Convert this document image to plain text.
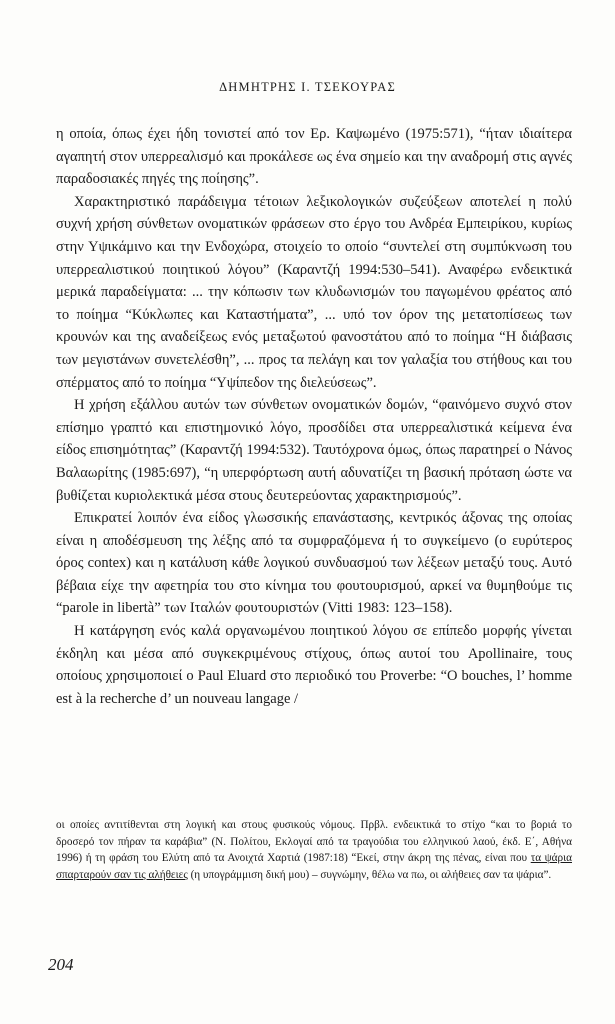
ΔΗΜΗΤΡΗΣ Ι. ΤΣΕΚΟΥΡΑΣ

η οποία, όπως έχει ήδη τονιστεί από τον Ερ. Καψωμένο (1975:571), “ήταν ιδιαίτερα αγαπητή στον υπερρεαλισμό και προκάλεσε ως ένα σημείο και την αναδρομή στις αγνές παραδοσιακές πηγές της ποίησης”.

Χαρακτηριστικό παράδειγμα τέτοιων λεξικολογικών συζεύξεων αποτελεί η πολύ συχνή χρήση σύνθετων ονοματικών φράσεων στο έργο του Ανδρέα Εμπειρίκου, κυρίως στην Υψικάμινο και την Ενδοχώρα, στοιχείο το οποίο “συντελεί στη συμπύκνωση του υπερρεαλιστικού ποιητικού λόγου” (Καραντζή 1994:530–541). Αναφέρω ενδεικτικά μερικά παραδείγματα: ... την κόπωσιν των κλυδωνισμών του παγωμένου φρέατος από το ποίημα “Κύκλωπες και Καταστήματα”, ... υπό τον όρον της μετατοπίσεως των κρουνών και της αναδείξεως ενός μεταξωτού φανοστάτου από το ποίημα “Η διάβασις των μεγιστάνων συνετελέσθη”, ... προς τα πελάγη και τον γαλαξία του στήθους και του σπέρματος από το ποίημα “Υψίπεδον της διελεύσεως”.

Η χρήση εξάλλου αυτών των σύνθετων ονοματικών δομών, “φαινόμενο συχνό στον επίσημο γραπτό και επιστημονικό λόγο, προσδίδει στα υπερρεαλιστικά κείμενα ένα είδος επισημότητας” (Καραντζή 1994:532). Ταυτόχρονα όμως, όπως παρατηρεί ο Νάνος Βαλαωρίτης (1985:697), “η υπερφόρτωση αυτή αδυνατίζει τη βασική πρόταση ώστε να βυθίζεται κυριολεκτικά μέσα στους δευτερεύοντας χαρακτηρισμούς”.

Επικρατεί λοιπόν ένα είδος γλωσσικής επανάστασης, κεντρικός άξονας της οποίας είναι η αποδέσμευση της λέξης από τα συμφραζόμενα ή το συγκείμενο (ο ευρύτερος όρος contex) και η κατάλυση κάθε λογικού συνδυασμού των λέξεων μεταξύ τους. Αυτό βέβαια είχε την αφετηρία του στο κίνημα του φουτουρισμού, αρκεί να θυμηθούμε τις “parole in libertà” των Ιταλών φουτουριστών (Vitti 1983: 123–158).

Η κατάργηση ενός καλά οργανωμένου ποιητικού λόγου σε επίπεδο μορφής γίνεται έκδηλη και μέσα από συγκεκριμένους στίχους, όπως αυτοί του Apollinaire, τους οποίους χρησιμοποιεί ο Paul Eluard στο περιοδικό του Proverbe: “O bouches, l’ homme est à la recherche d’ un nouveau langage /

οι οποίες αντιτίθενται στη λογική και στους φυσικούς νόμους. Πρβλ. ενδεικτικά το στίχο “και το βοριά το δροσερό τον πήραν τα καράβια” (Ν. Πολίτου, Εκλογαί από τα τραγούδια του ελληνικού λαού, έκδ. Ε΄, Αθήνα 1996) ή τη φράση του Ελύτη από τα Ανοιχτά Χαρτιά (1987:18) “Εκεί, στην άκρη της πένας, είναι που τα ψάρια σπαρταρούν σαν τις αλήθειες (η υπογράμμιση δική μου) – συγνώμην, θέλω να πω, οι αλήθειες σαν τα ψάρια”.

204
